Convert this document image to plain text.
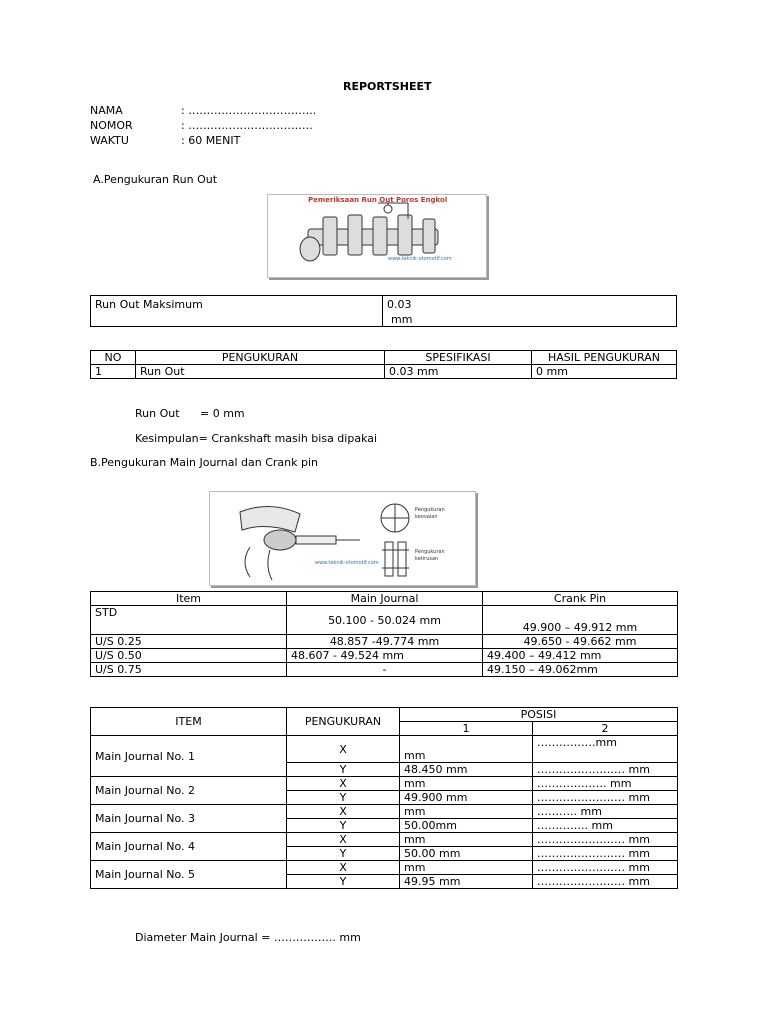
REPORTSHEET
NAMA	: ……………………………..
NOMOR	: …………………………….
WAKTU	: 60 MENIT
A.Pengukuran Run Out
Pemeriksaan Run Out Poros Engkol
www.teknik-otomotif.com
Run Out Maksimum	0.03
mm
NO	PENGUKURAN	SPESIFIKASI	HASIL PENGUKURAN
1	Run Out	0.03 mm	0 mm
Run Out = 0 mm
Kesimpulan= Crankshaft masih bisa dipakai
B.Pengukuran Main Journal dan Crank pin
Pengukuran
keovalan
Pengukuran
ketirusan
www.teknik-otomotif.com
Item	Main Journal	Crank Pin
STD	50.100 - 50.024 mm	49.900 – 49.912 mm
U/S 0.25	48.857 -49.774 mm	49.650 - 49.662 mm
U/S 0.50	48.607 - 49.524 mm	49.400 – 49.412 mm
U/S 0.75	-	49.150 – 49.062mm
ITEM	PENGUKURAN	POSISI	
		1	2
Main Journal No. 1	X	mm	…………….mm
	Y	48.450 mm	…………………… mm
Main Journal No. 2	X	mm	………………. mm
	Y	49.900 mm	…………………… mm
Main Journal No. 3	X	mm	……….. mm
	Y	50.00mm	………….. mm
Main Journal No. 4	X	mm	…………………… mm
	Y	50.00 mm	…………………… mm
Main Journal No. 5	X	mm	…………………… mm
	Y	49.95 mm	…………………… mm
Diameter Main Journal = …………….. mm
